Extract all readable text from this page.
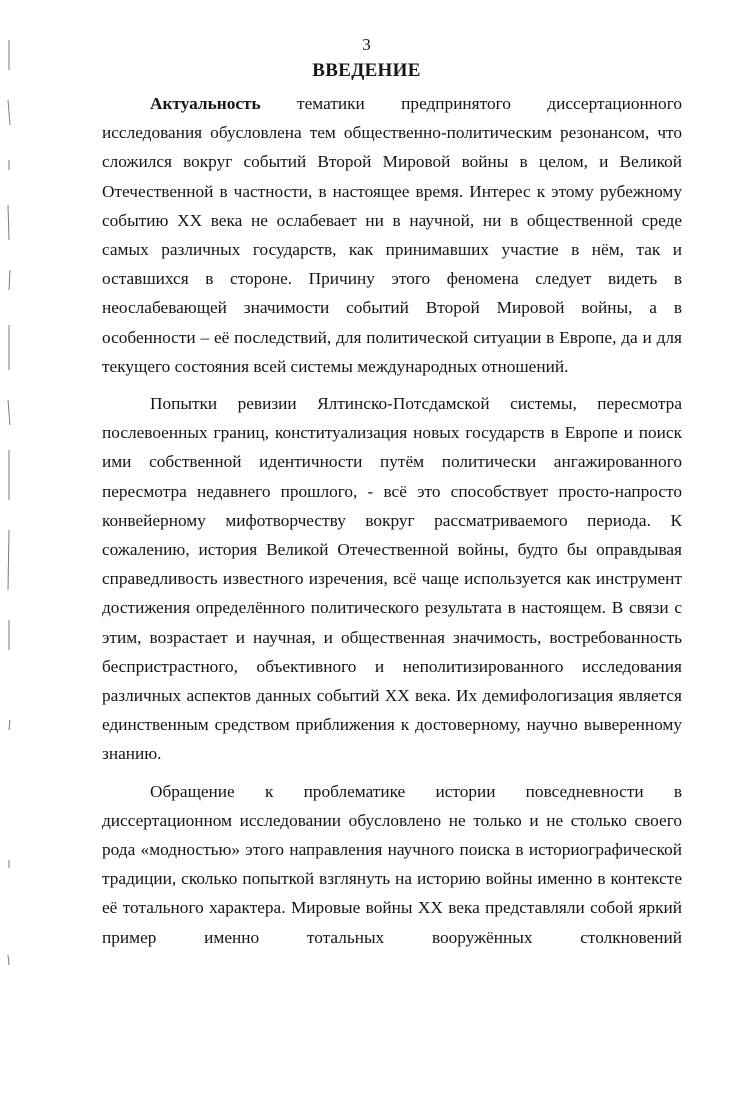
3
ВВЕДЕНИЕ

Актуальность тематики предпринятого диссертационного исследования обусловлена тем общественно-политическим резонансом, что сложился вокруг событий Второй Мировой войны в целом, и Великой Отечественной в частности, в настоящее время. Интерес к этому рубежному событию XX века не ослабевает ни в научной, ни в общественной среде самых различных государств, как принимавших участие в нём, так и оставшихся в стороне. Причину этого феномена следует видеть в неослабевающей значимости событий Второй Мировой войны, а в особенности – её последствий, для политической ситуации в Европе, да и для текущего состояния всей системы международных отношений.

Попытки ревизии Ялтинско-Потсдамской системы, пересмотра послевоенных границ, конституализация новых государств в Европе и поиск ими собственной идентичности путём политически ангажированного пересмотра недавнего прошлого, - всё это способствует просто-напросто конвейерному мифотворчеству вокруг рассматриваемого периода. К сожалению, история Великой Отечественной войны, будто бы оправдывая справедливость известного изречения, всё чаще используется как инструмент достижения определённого политического результата в настоящем. В связи с этим, возрастает и научная, и общественная значимость, востребованность беспристрастного, объективного и неполитизированного исследования различных аспектов данных событий XX века. Их демифологизация является единственным средством приближения к достоверному, научно выверенному знанию.

Обращение к проблематике истории повседневности в диссертационном исследовании обусловлено не только и не столько своего рода «модностью» этого направления научного поиска в историографической традиции, сколько попыткой взглянуть на историю войны именно в контексте её тотального характера. Мировые войны XX века представляли собой яркий пример именно тотальных вооружённых столкновений
